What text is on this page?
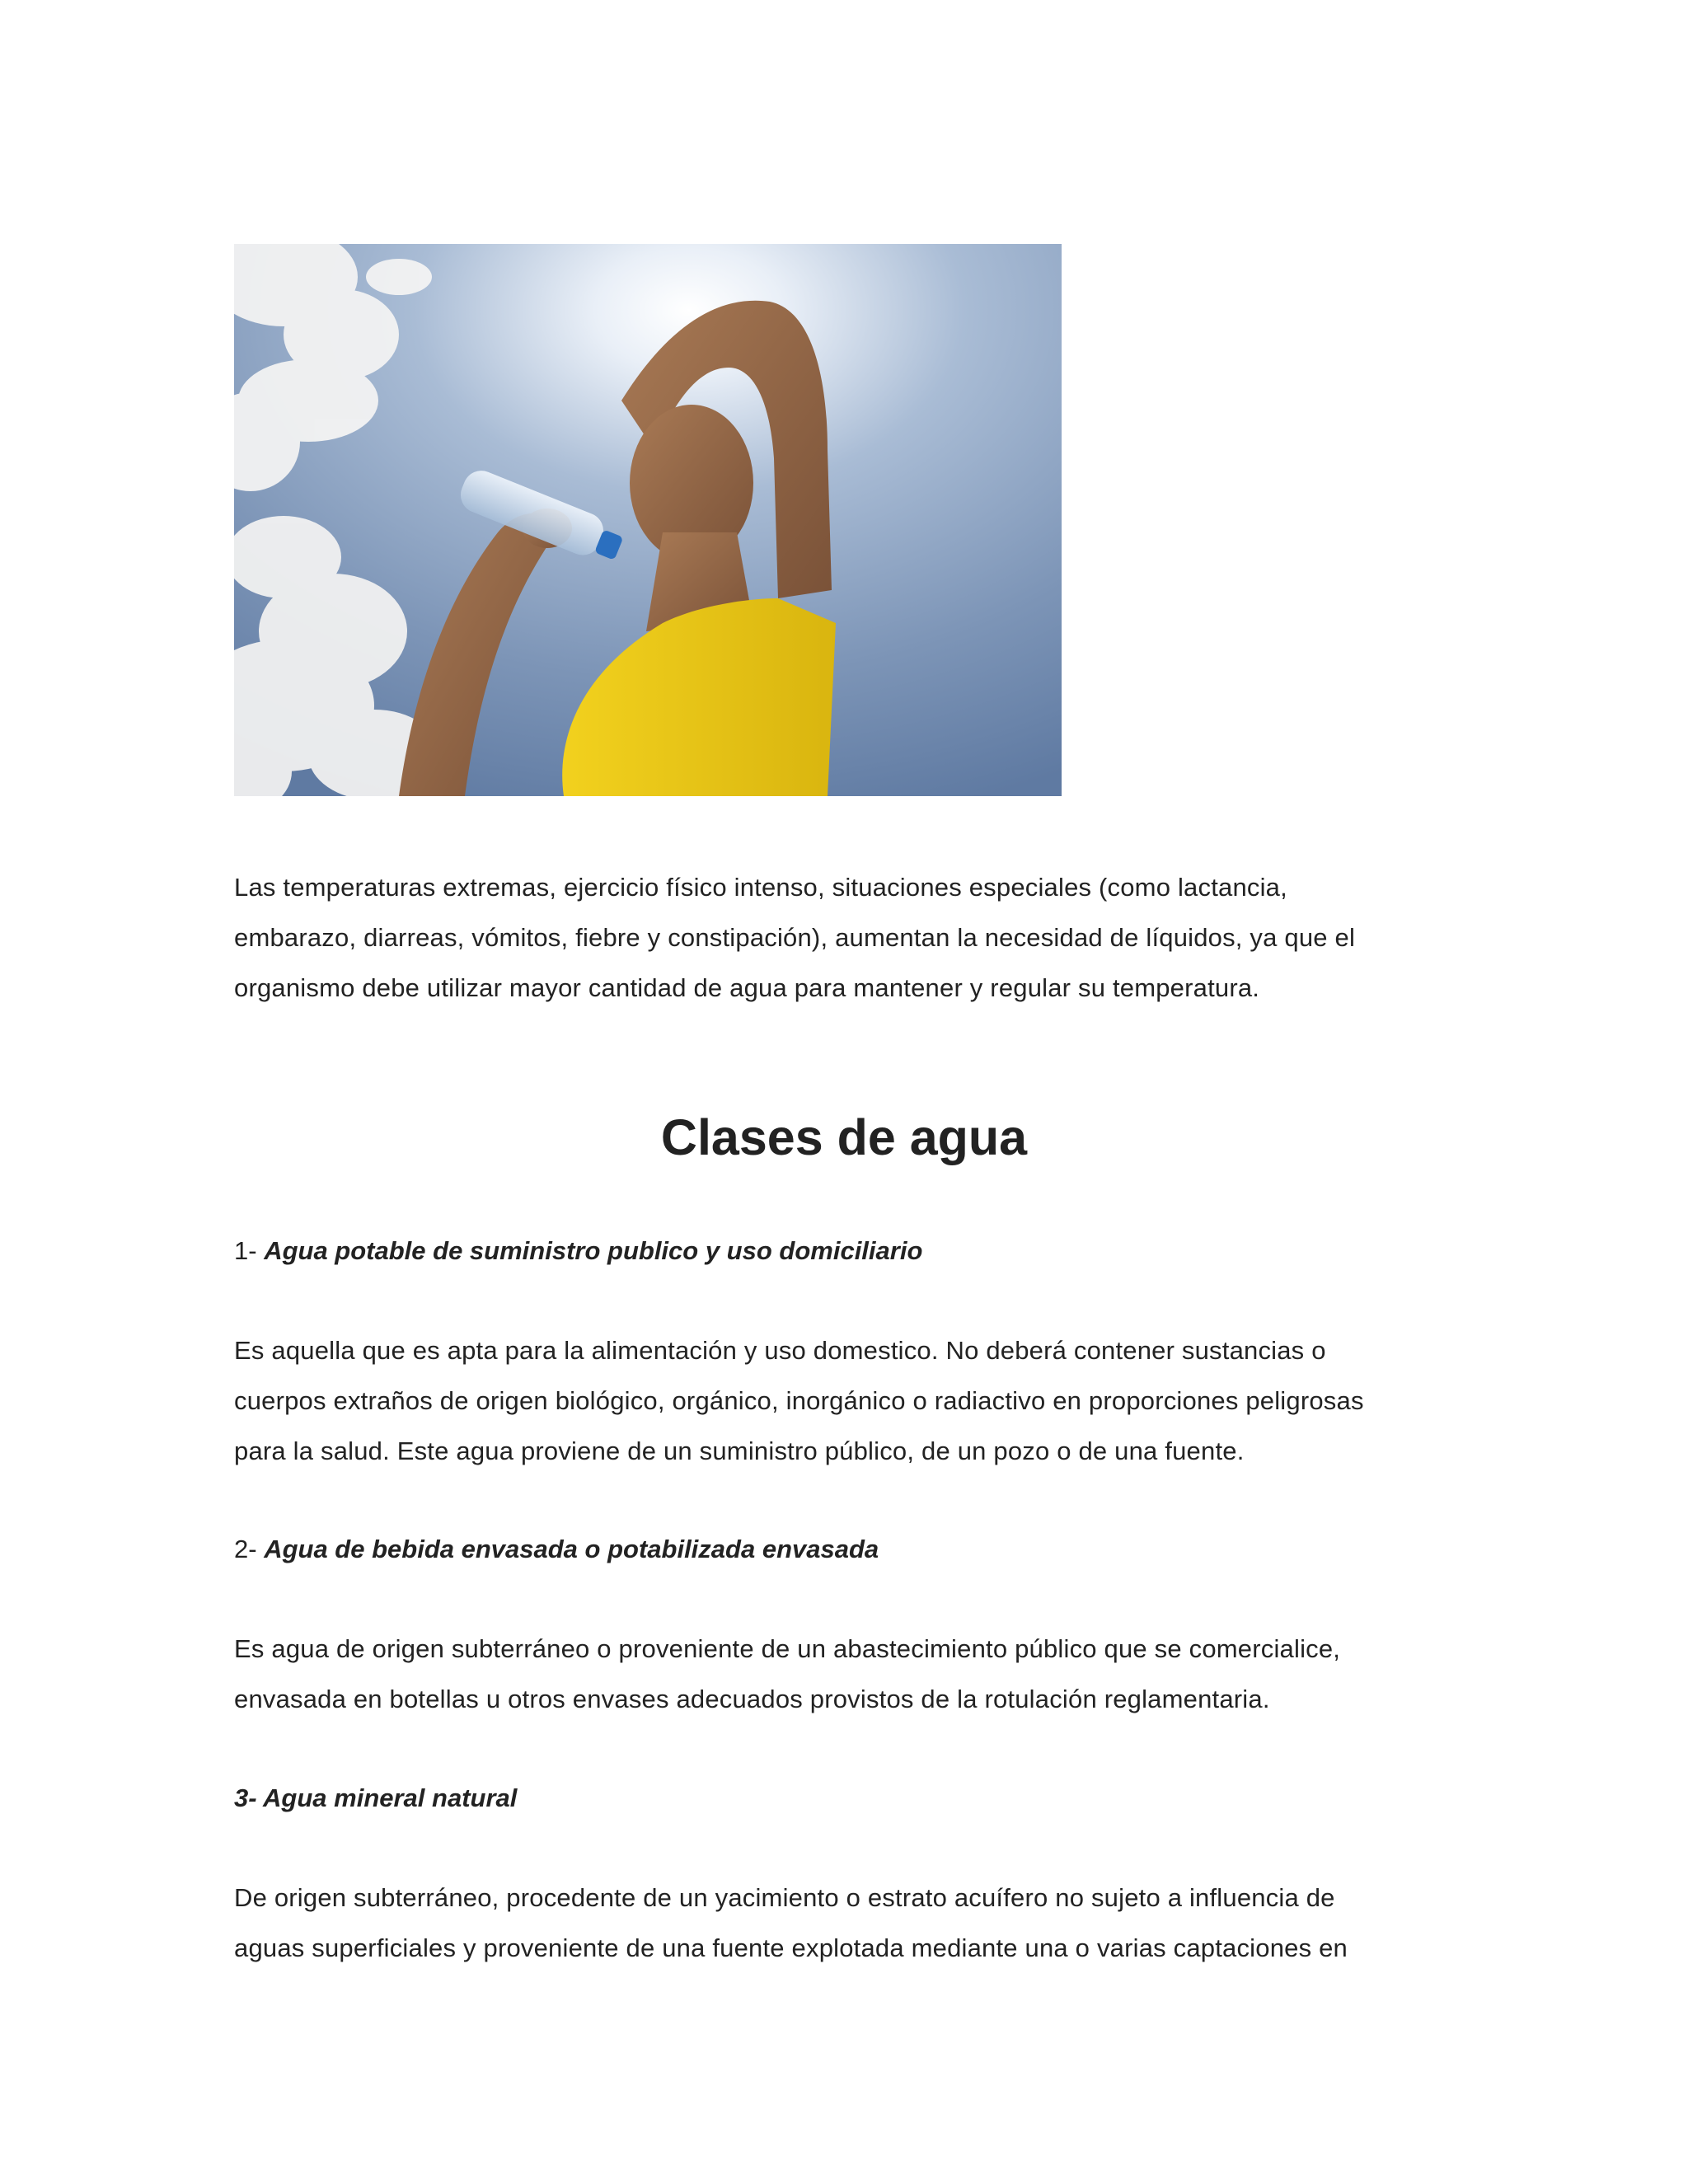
Las temperaturas extremas, ejercicio físico intenso, situaciones especiales (como lactancia,
embarazo, diarreas, vómitos, fiebre y constipación), aumentan la necesidad de líquidos, ya que el
organismo debe utilizar mayor cantidad de agua para mantener y regular su temperatura.

Clases de agua

1- Agua potable de suministro publico y uso domiciliario

Es aquella que es apta para la alimentación y uso domestico. No deberá contener sustancias o
cuerpos extraños de origen biológico, orgánico, inorgánico o radiactivo en proporciones peligrosas
para la salud. Este agua proviene de un suministro público, de un pozo o de una fuente.

2- Agua de bebida envasada o potabilizada envasada

Es agua de origen subterráneo o proveniente de un abastecimiento público que se comercialice,
envasada en botellas u otros envases adecuados provistos de la rotulación reglamentaria.

3- Agua mineral natural

De origen subterráneo, procedente de un yacimiento o estrato acuífero no sujeto a influencia de
aguas superficiales y proveniente de una fuente explotada mediante una o varias captaciones en
